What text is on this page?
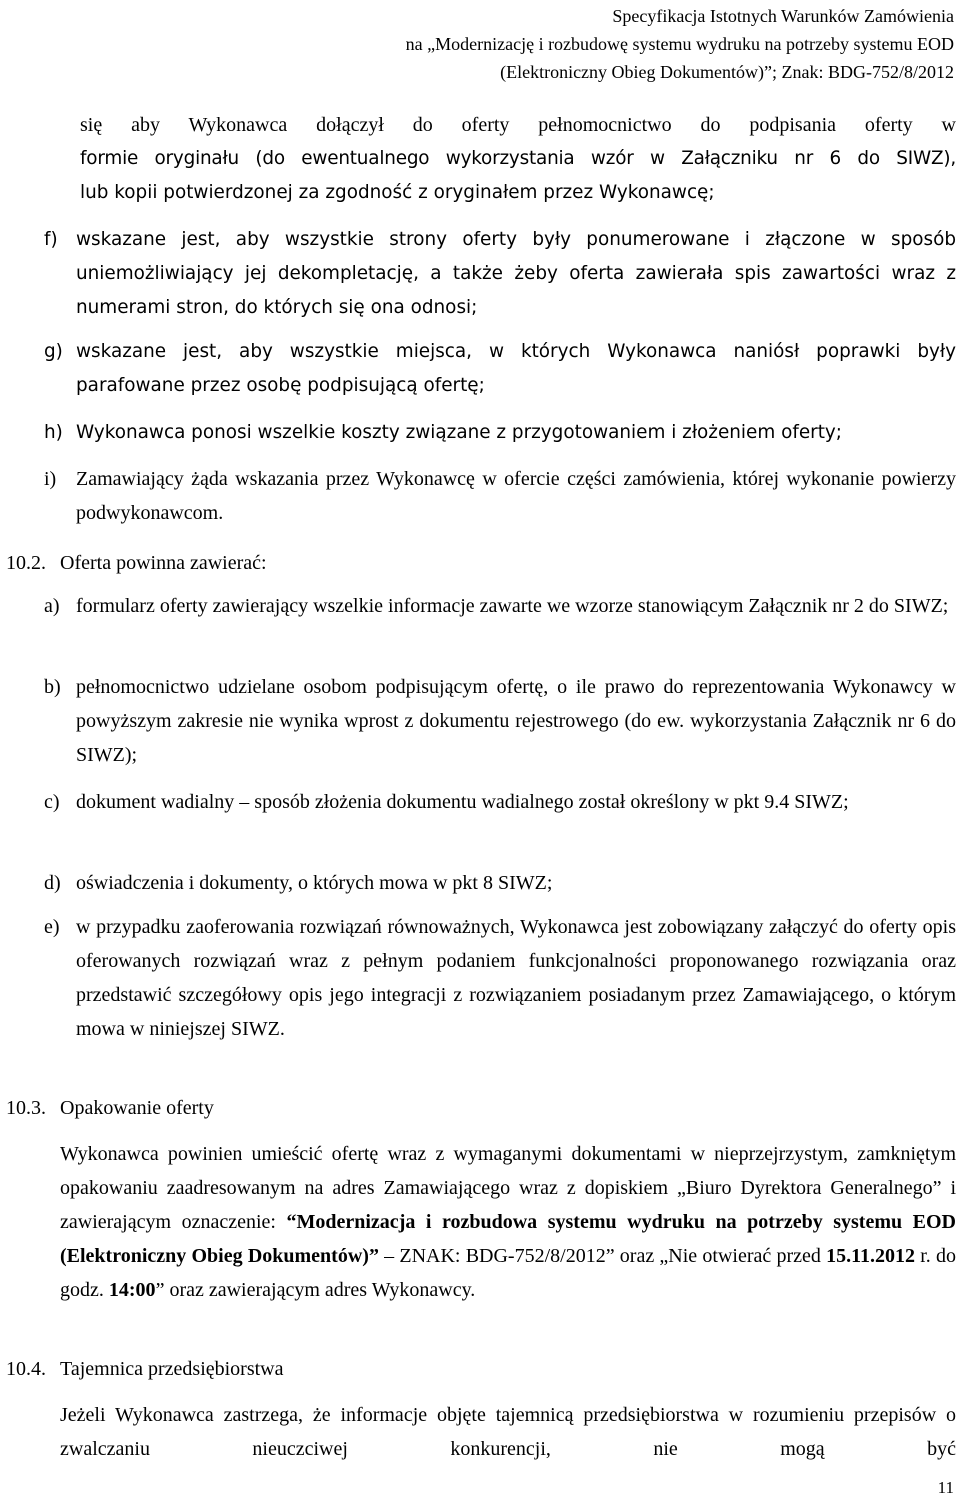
Specyfikacja Istotnych Warunków Zamówienia
na „Modernizację i rozbudowę systemu wydruku na potrzeby systemu EOD
(Elektroniczny Obieg Dokumentów)”; Znak: BDG-752/8/2012
się aby Wykonawca dołączył do oferty pełnomocnictwo do podpisania oferty w
formie oryginału (do ewentualnego wykorzystania wzór w Załączniku nr 6 do SIWZ),
lub kopii potwierdzonej za zgodność z oryginałem przez Wykonawcę;
f) wskazane jest, aby wszystkie strony oferty były ponumerowane i złączone w sposób uniemożliwiający jej dekompletację, a także żeby oferta zawierała spis zawartości wraz z numerami stron, do których się ona odnosi;
g) wskazane jest, aby wszystkie miejsca, w których Wykonawca naniósł poprawki były parafowane przez osobę podpisującą ofertę;
h) Wykonawca ponosi wszelkie koszty związane z przygotowaniem i złożeniem oferty;
i) Zamawiający żąda wskazania przez Wykonawcę w ofercie części zamówienia, której wykonanie powierzy podwykonawcom.
10.2. Oferta powinna zawierać:
a) formularz oferty zawierający wszelkie informacje zawarte we wzorze stanowiącym Załącznik nr 2 do SIWZ;
b) pełnomocnictwo udzielane osobom podpisującym ofertę, o ile prawo do reprezentowania Wykonawcy w powyższym zakresie nie wynika wprost z dokumentu rejestrowego (do ew. wykorzystania Załącznik nr 6 do SIWZ);
c) dokument wadialny – sposób złożenia dokumentu wadialnego został określony w pkt 9.4 SIWZ;
d) oświadczenia i dokumenty, o których mowa w pkt 8 SIWZ;
e) w przypadku zaoferowania rozwiązań równoważnych, Wykonawca jest zobowiązany załączyć do oferty opis oferowanych rozwiązań wraz z pełnym podaniem funkcjonalności proponowanego rozwiązania oraz przedstawić szczegółowy opis jego integracji z rozwiązaniem posiadanym przez Zamawiającego, o którym mowa w niniejszej SIWZ.
10.3. Opakowanie oferty
Wykonawca powinien umieścić ofertę wraz z wymaganymi dokumentami w nieprzejrzystym, zamkniętym opakowaniu zaadresowanym na adres Zamawiającego wraz z dopiskiem „Biuro Dyrektora Generalnego” i zawierającym oznaczenie: “Modernizacja i rozbudowa systemu wydruku na potrzeby systemu EOD (Elektroniczny Obieg Dokumentów)” – ZNAK: BDG-752/8/2012” oraz „Nie otwierać przed 15.11.2012 r. do godz. 14:00” oraz zawierającym adres Wykonawcy.
10.4. Tajemnica przedsiębiorstwa
Jeżeli Wykonawca zastrzega, że informacje objęte tajemnicą przedsiębiorstwa w rozumieniu przepisów o zwalczaniu nieuczciwej konkurencji, nie mogą być
11
